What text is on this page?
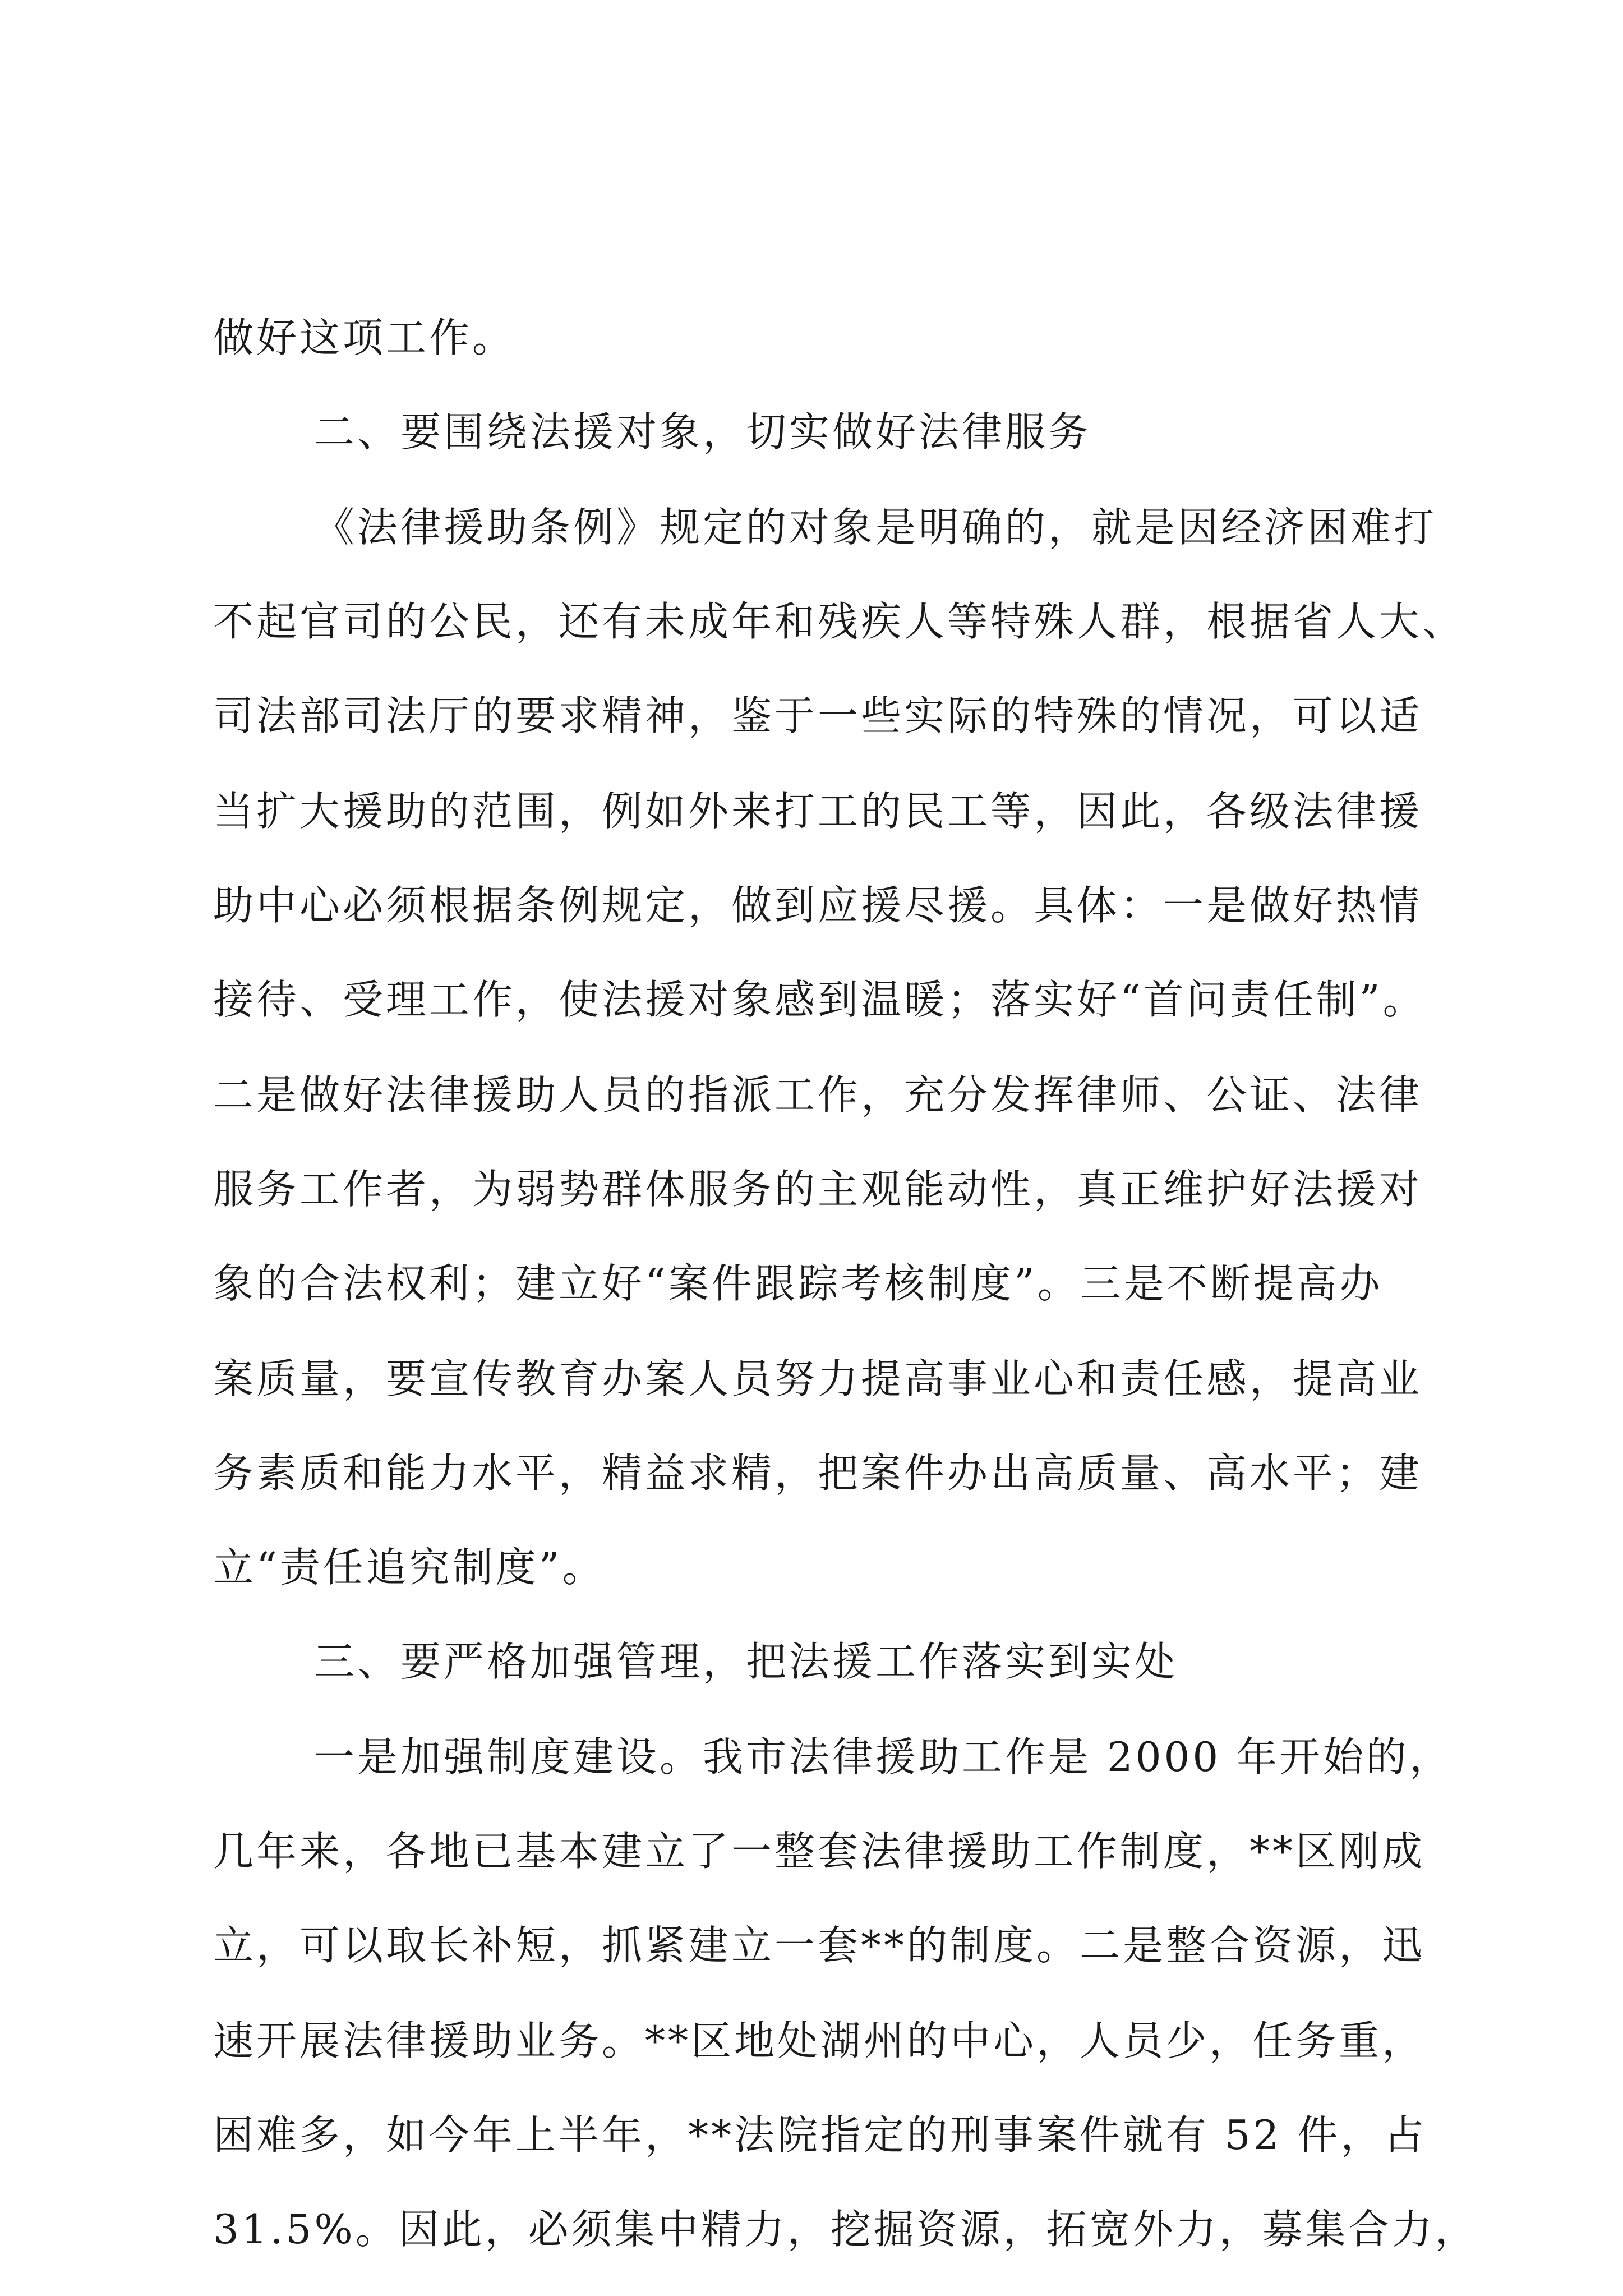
做好这项工作。
二、要围绕法援对象，切实做好法律服务
《法律援助条例》规定的对象是明确的，就是因经济困难打
不起官司的公民，还有未成年和残疾人等特殊人群，根据省人大、
司法部司法厅的要求精神，鉴于一些实际的特殊的情况，可以适
当扩大援助的范围，例如外来打工的民工等，因此，各级法律援
助中心必须根据条例规定，做到应援尽援。具体：一是做好热情
接待、受理工作，使法援对象感到温暖；落实好“首问责任制”。
二是做好法律援助人员的指派工作，充分发挥律师、公证、法律
服务工作者，为弱势群体服务的主观能动性，真正维护好法援对
象的合法权利；建立好“案件跟踪考核制度”。三是不断提高办
案质量，要宣传教育办案人员努力提高事业心和责任感，提高业
务素质和能力水平，精益求精，把案件办出高质量、高水平；建
立“责任追究制度”。
三、要严格加强管理，把法援工作落实到实处
一是加强制度建设。我市法律援助工作是 2000 年开始的，
几年来，各地已基本建立了一整套法律援助工作制度，**区刚成
立，可以取长补短，抓紧建立一套**的制度。二是整合资源，迅
速开展法律援助业务。**区地处湖州的中心，人员少，任务重，
困难多，如今年上半年，**法院指定的刑事案件就有 52 件，占
31.5%。因此，必须集中精力，挖掘资源，拓宽外力，募集合力，
